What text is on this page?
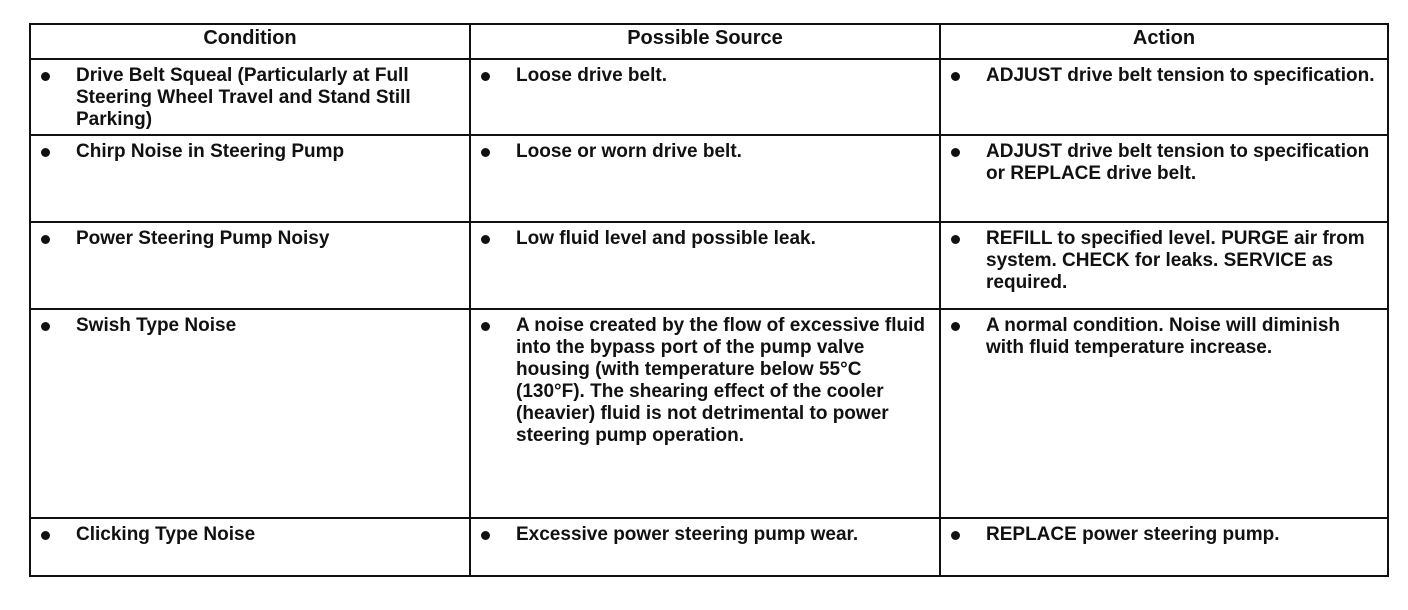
Condition	Possible Source	Action

Drive Belt Squeal (Particularly at Full Steering Wheel Travel and Stand Still Parking)	Loose drive belt.	ADJUST drive belt tension to specification.

Chirp Noise in Steering Pump	Loose or worn drive belt.	ADJUST drive belt tension to specification or REPLACE drive belt.

Power Steering Pump Noisy	Low fluid level and possible leak.	REFILL to specified level. PURGE air from system. CHECK for leaks. SERVICE as required.

Swish Type Noise	A noise created by the flow of excessive fluid into the bypass port of the pump valve housing (with temperature below 55°C (130°F). The shearing effect of the cooler (heavier) fluid is not detrimental to power steering pump operation.	A normal condition. Noise will diminish with fluid temperature increase.

Clicking Type Noise	Excessive power steering pump wear.	REPLACE power steering pump.
